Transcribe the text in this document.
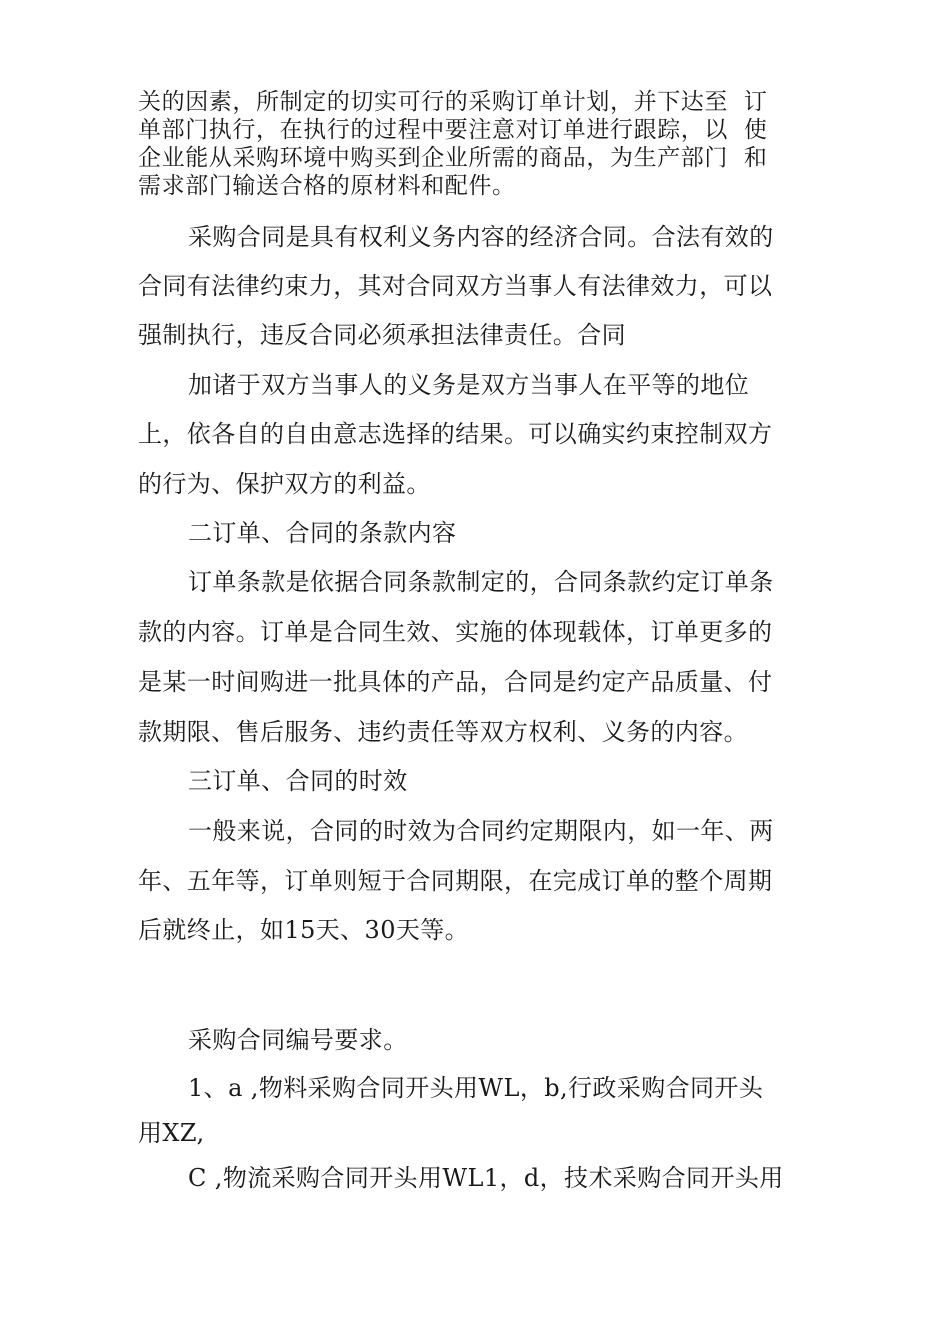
关的因素，所制定的切实可行的采购订单计划，并下达至  订
单部门执行，在执行的过程中要注意对订单进行跟踪，以  使
企业能从采购环境中购买到企业所需的商品，为生产部门  和
需求部门输送合格的原材料和配件。
采购合同是具有权利义务内容的经济合同。合法有效的
合同有法律约束力，其对合同双方当事人有法律效力，可以
强制执行，违反合同必须承担法律责任。合同
加诸于双方当事人的义务是双方当事人在平等的地位
上，依各自的自由意志选择的结果。可以确实约束控制双方
的行为、保护双方的利益。
二订单、合同的条款内容
订单条款是依据合同条款制定的，合同条款约定订单条
款的内容。订单是合同生效、实施的体现载体，订单更多的
是某一时间购进一批具体的产品，合同是约定产品质量、付
款期限、售后服务、违约责任等双方权利、义务的内容。
三订单、合同的时效
一般来说，合同的时效为合同约定期限内，如一年、两
年、五年等，订单则短于合同期限，在完成订单的整个周期
后就终止，如15天、30天等。
采购合同编号要求。
1、a ,物料采购合同开头用WL，b,行政采购合同开头
用XZ,
C ,物流采购合同开头用WL1，d，技术采购合同开头用
